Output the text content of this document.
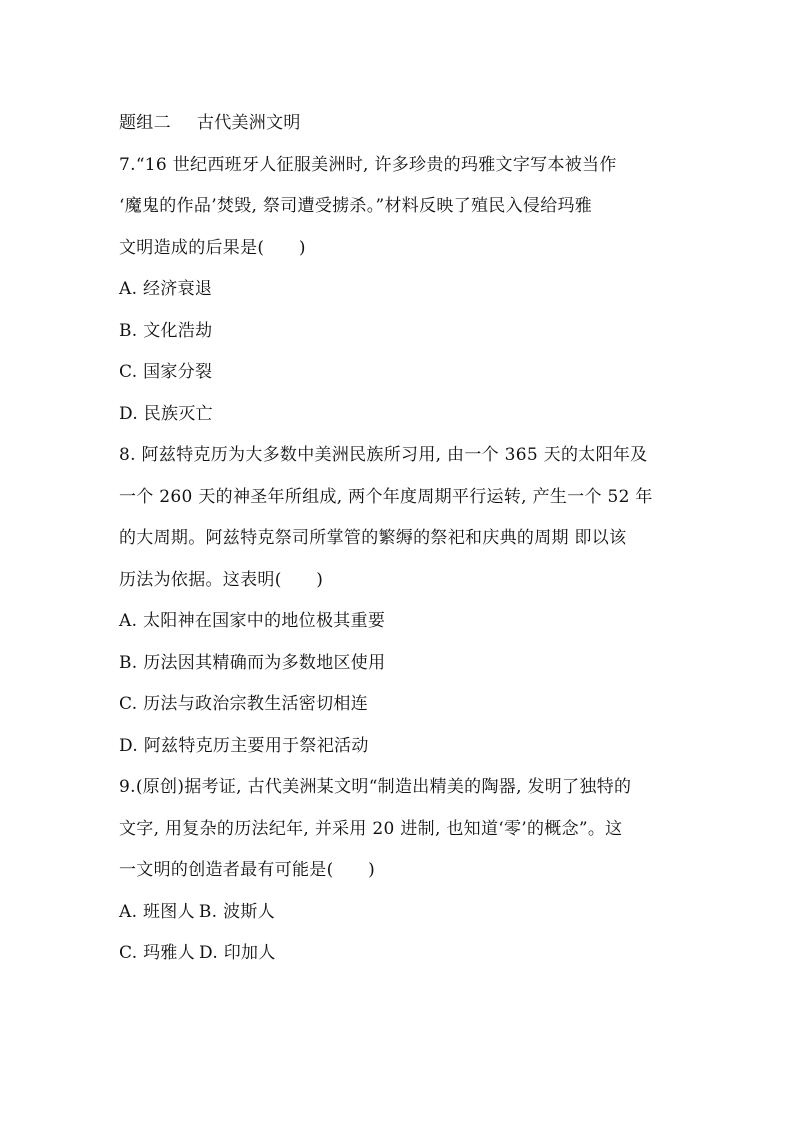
题组二 古代美洲文明
7.“16 世纪西班牙人征服美洲时, 许多珍贵的玛雅文字写本被当作
‘魔鬼的作品’焚毁, 祭司遭受掳杀。”材料反映了殖民入侵给玛雅
文明造成的后果是(　　)
A. 经济衰退
B. 文化浩劫
C. 国家分裂
D. 民族灭亡
8. 阿兹特克历为大多数中美洲民族所习用, 由一个 365 天的太阳年及
一个 260 天的神圣年所组成, 两个年度周期平行运转, 产生一个 52 年
的大周期。阿兹特克祭司所掌管的繁缛的祭祀和庆典的周期 即以该
历法为依据。这表明(　　)
A. 太阳神在国家中的地位极其重要
B. 历法因其精确而为多数地区使用
C. 历法与政治宗教生活密切相连
D. 阿兹特克历主要用于祭祀活动
9.(原创)据考证, 古代美洲某文明“制造出精美的陶器, 发明了独特的
文字, 用复杂的历法纪年, 并采用 20 进制, 也知道‘零’的概念”。这
一文明的创造者最有可能是(　　)
A. 班图人 B. 波斯人
C. 玛雅人 D. 印加人
